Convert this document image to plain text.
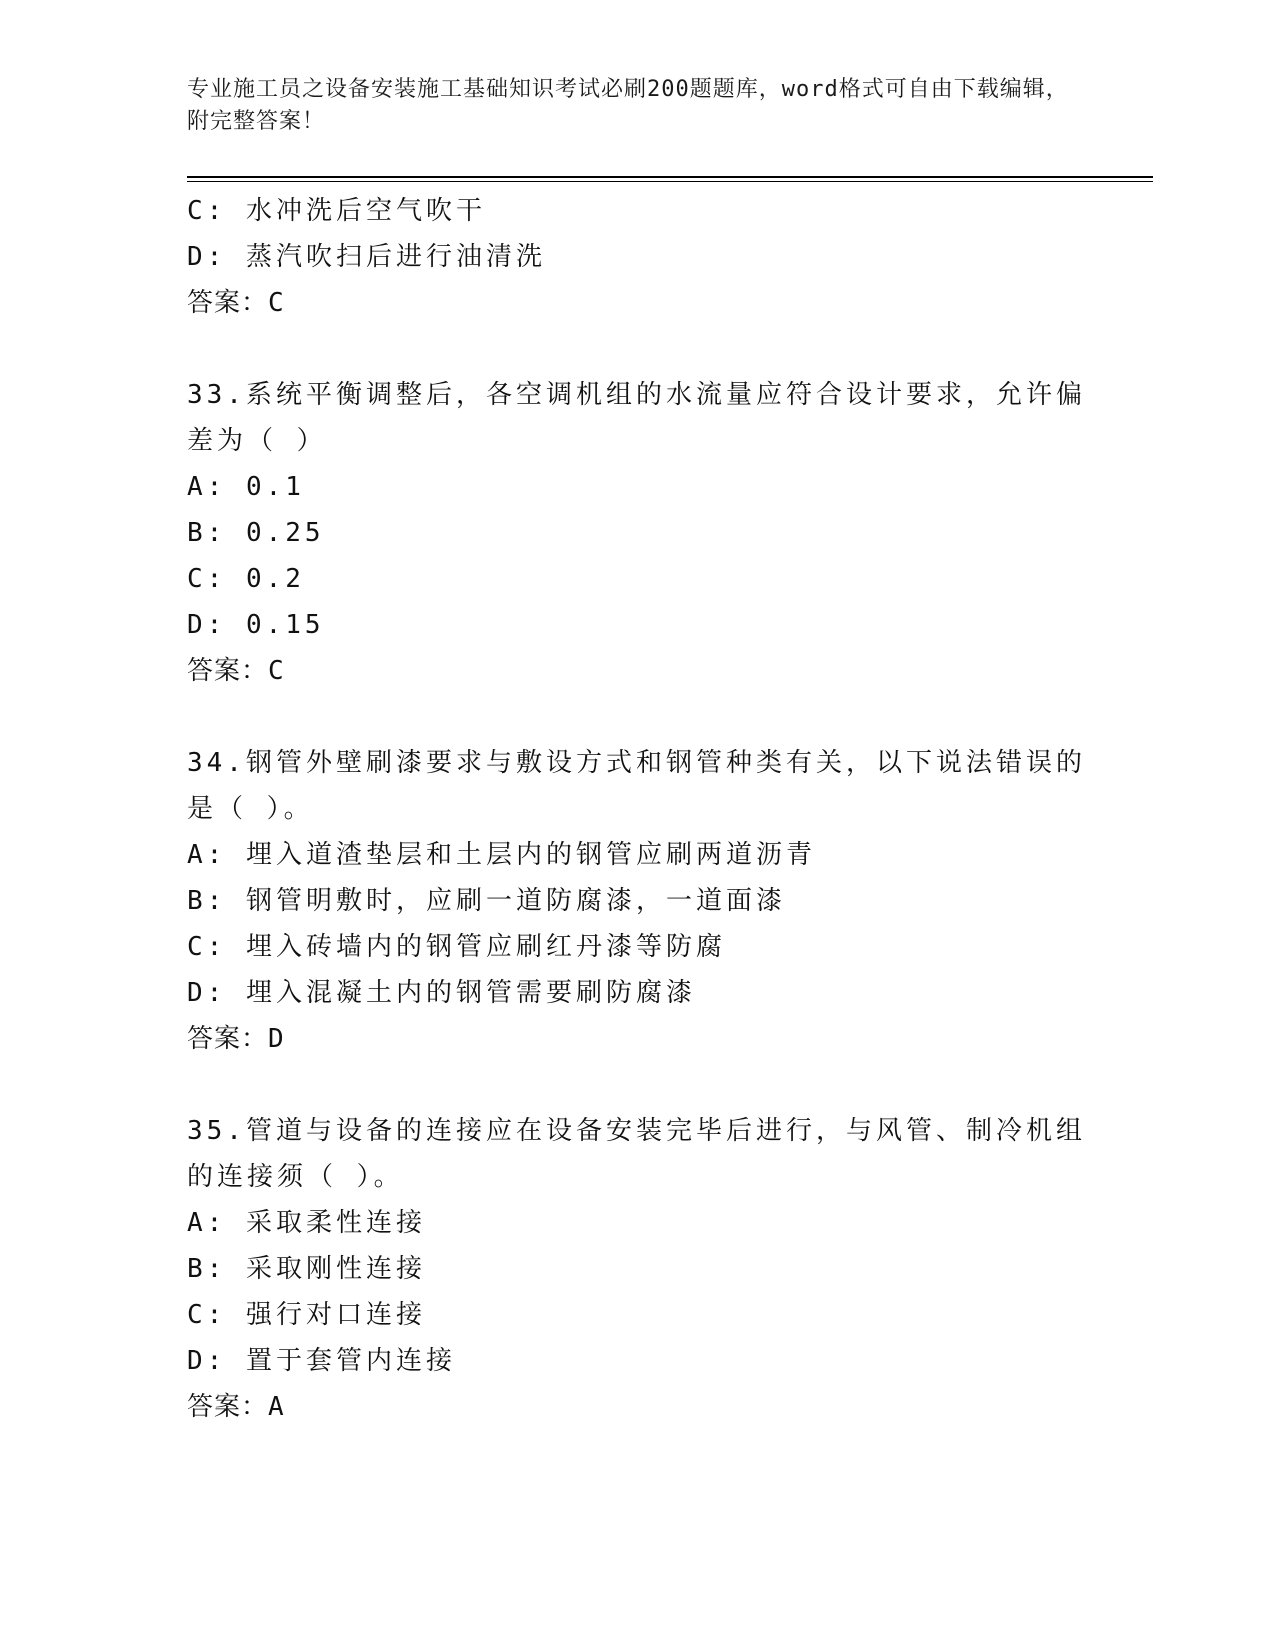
专业施工员之设备安装施工基础知识考试必刷200题题库，word格式可自由下载编辑，附完整答案！
C: 水冲洗后空气吹干
D: 蒸汽吹扫后进行油清洗
答案：C
33.系统平衡调整后，各空调机组的水流量应符合设计要求，允许偏差为（ ）
A: 0.1
B: 0.25
C: 0.2
D: 0.15
答案：C
34.钢管外壁刷漆要求与敷设方式和钢管种类有关，以下说法错误的是（ ）。
A: 埋入道渣垫层和土层内的钢管应刷两道沥青
B: 钢管明敷时，应刷一道防腐漆，一道面漆
C: 埋入砖墙内的钢管应刷红丹漆等防腐
D: 埋入混凝土内的钢管需要刷防腐漆
答案：D
35.管道与设备的连接应在设备安装完毕后进行，与风管、制冷机组的连接须（ ）。
A: 采取柔性连接
B: 采取刚性连接
C: 强行对口连接
D: 置于套管内连接
答案：A
